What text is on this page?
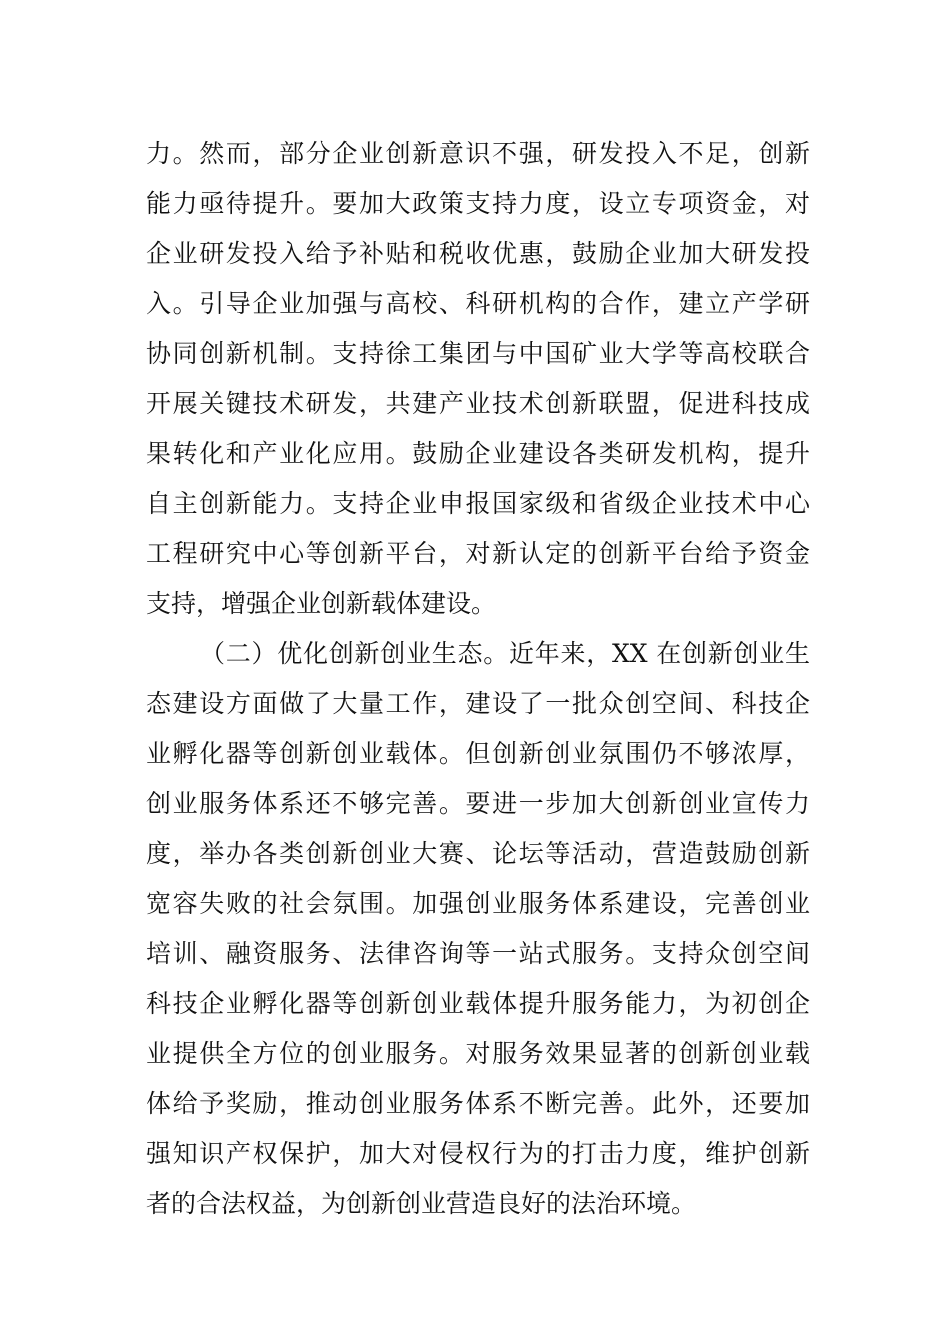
力。然而，部分企业创新意识不强，研发投入不足，创新
能力亟待提升。要加大政策支持力度，设立专项资金，对
企业研发投入给予补贴和税收优惠，鼓励企业加大研发投
入。引导企业加强与高校、科研机构的合作，建立产学研
协同创新机制。支持徐工集团与中国矿业大学等高校联合
开展关键技术研发，共建产业技术创新联盟，促进科技成
果转化和产业化应用。鼓励企业建设各类研发机构，提升
自主创新能力。支持企业申报国家级和省级企业技术中心
工程研究中心等创新平台，对新认定的创新平台给予资金
支持，增强企业创新载体建设。
（二）优化创新创业生态。近年来，XX 在创新创业生
态建设方面做了大量工作，建设了一批众创空间、科技企
业孵化器等创新创业载体。但创新创业氛围仍不够浓厚，
创业服务体系还不够完善。要进一步加大创新创业宣传力
度，举办各类创新创业大赛、论坛等活动，营造鼓励创新
宽容失败的社会氛围。加强创业服务体系建设，完善创业
培训、融资服务、法律咨询等一站式服务。支持众创空间
科技企业孵化器等创新创业载体提升服务能力，为初创企
业提供全方位的创业服务。对服务效果显著的创新创业载
体给予奖励，推动创业服务体系不断完善。此外，还要加
强知识产权保护，加大对侵权行为的打击力度，维护创新
者的合法权益，为创新创业营造良好的法治环境。
